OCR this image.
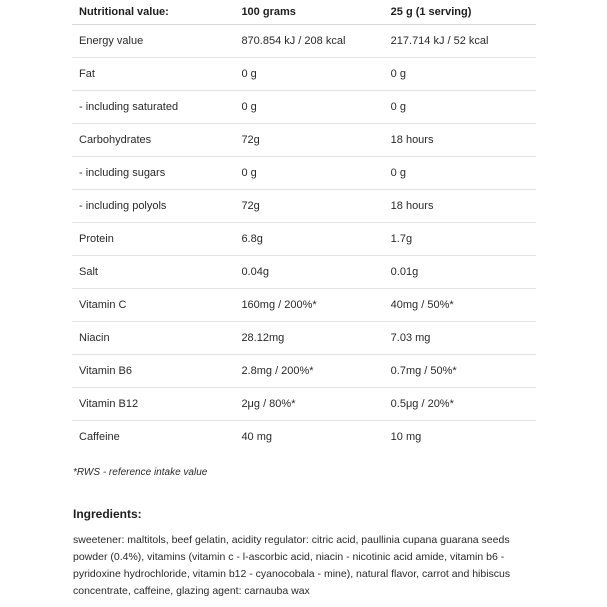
Nutritional value:	100 grams	25 g (1 serving)
Energy value	870.854 kJ / 208 kcal	217.714 kJ / 52 kcal
Fat	0 g	0 g
- including saturated	0 g	0 g
Carbohydrates	72g	18 hours
- including sugars	0 g	0 g
- including polyols	72g	18 hours
Protein	6.8g	1.7g
Salt	0.04g	0.01g
Vitamin C	160mg / 200%*	40mg / 50%*
Niacin	28.12mg	7.03 mg
Vitamin B6	2.8mg / 200%*	0.7mg / 50%*
Vitamin B12	2μg / 80%*	0.5μg / 20%*
Caffeine	40 mg	10 mg
*RWS - reference intake value
Ingredients:

sweetener: maltitols, beef gelatin, acidity regulator: citric acid, paullinia cupana guarana seeds powder (0.4%), vitamins (vitamin c - l-ascorbic acid, niacin - nicotinic acid amide, vitamin b6 - pyridoxine hydrochloride, vitamin b12 - cyanocobala - mine), natural flavor, carrot and hibiscus concentrate, caffeine, glazing agent: carnauba wax
